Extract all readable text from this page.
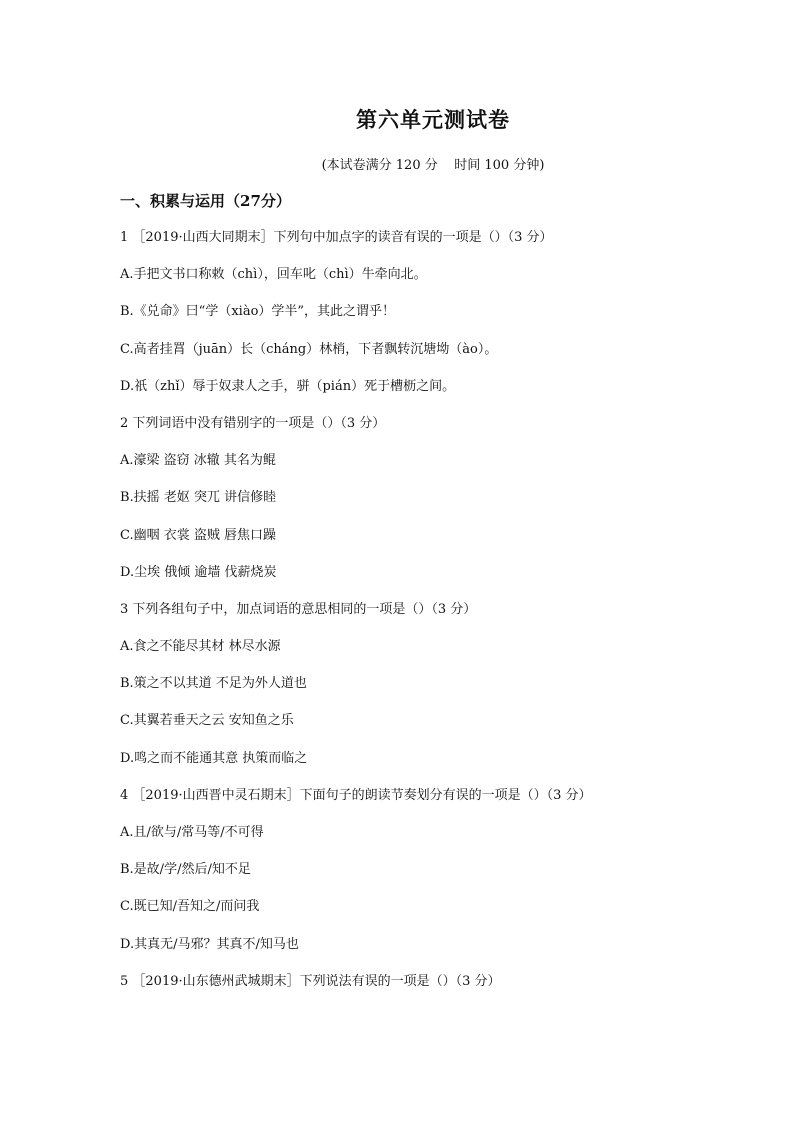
第六单元测试卷
(本试卷满分 120 分    时间 100 分钟)
一、积累与运用（27分）
1 ［2019·山西大同期末］下列句中加点字的读音有误的一项是（）（3 分）
A.手把文书口称敕（chì），回车叱（chì）牛牵向北。
B.《兑命》曰“学（xiào）学半”，其此之谓乎！
C.高者挂罥（juān）长（cháng）林梢，下者飘转沉塘坳（ào）。
D.祇（zhǐ）辱于奴隶人之手，骈（pián）死于槽枥之间。
2 下列词语中没有错别字的一项是（）（3 分）
A.濠梁 盗窃 冰辙 其名为鲲
B.扶摇 老妪 突兀 讲信修睦
C.幽咽 衣裳 盗贼 唇焦口躁
D.尘埃 俄倾 逾墙 伐薪烧炭
3 下列各组句子中，加点词语的意思相同的一项是（）（3 分）
A.食之不能尽其材 林尽水源
B.策之不以其道 不足为外人道也
C.其翼若垂天之云 安知鱼之乐
D.鸣之而不能通其意 执策而临之
4 ［2019·山西晋中灵石期末］下面句子的朗读节奏划分有误的一项是（）（3 分）
A.且/欲与/常马等/不可得
B.是故/学/然后/知不足
C.既已知/吾知之/而问我
D.其真无/马邪？其真不/知马也
5 ［2019·山东德州武城期末］下列说法有误的一项是（）（3 分）
